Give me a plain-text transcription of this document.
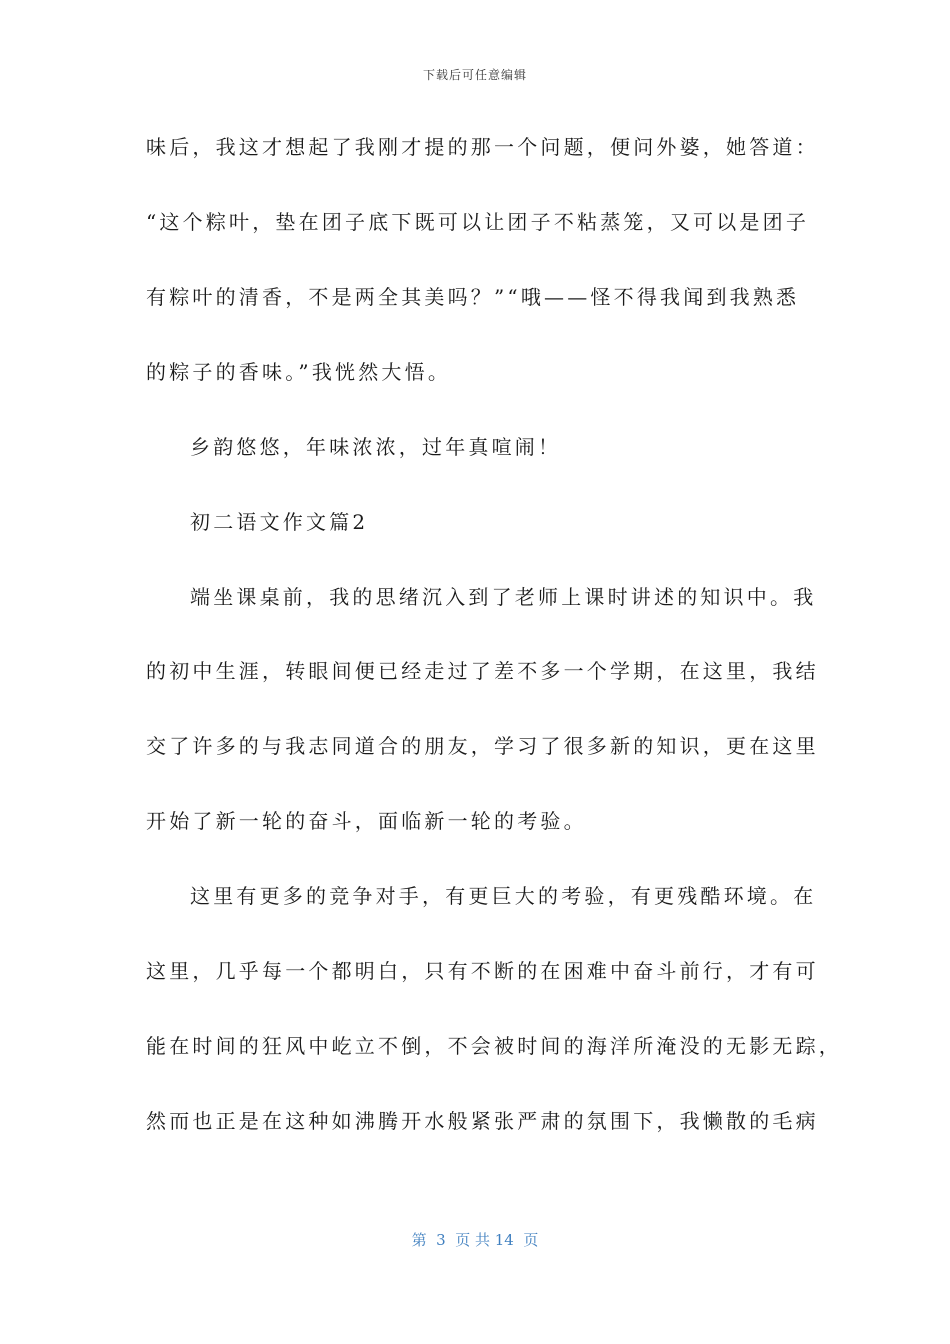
下载后可任意编辑
味后，我这才想起了我刚才提的那一个问题，便问外婆，她答道：
“这个粽叶，垫在团子底下既可以让团子不粘蒸笼，又可以是团子
有粽叶的清香，不是两全其美吗？”“哦——怪不得我闻到我熟悉
的粽子的香味。”我恍然大悟。
乡韵悠悠，年味浓浓，过年真喧闹！
初二语文作文篇2
端坐课桌前，我的思绪沉入到了老师上课时讲述的知识中。我
的初中生涯，转眼间便已经走过了差不多一个学期，在这里，我结
交了许多的与我志同道合的朋友，学习了很多新的知识，更在这里
开始了新一轮的奋斗，面临新一轮的考验。
这里有更多的竞争对手，有更巨大的考验，有更残酷环境。在
这里，几乎每一个都明白，只有不断的在困难中奋斗前行，才有可
能在时间的狂风中屹立不倒，不会被时间的海洋所淹没的无影无踪，
然而也正是在这种如沸腾开水般紧张严肃的氛围下，我懒散的毛病
第  3  页 共 14  页
